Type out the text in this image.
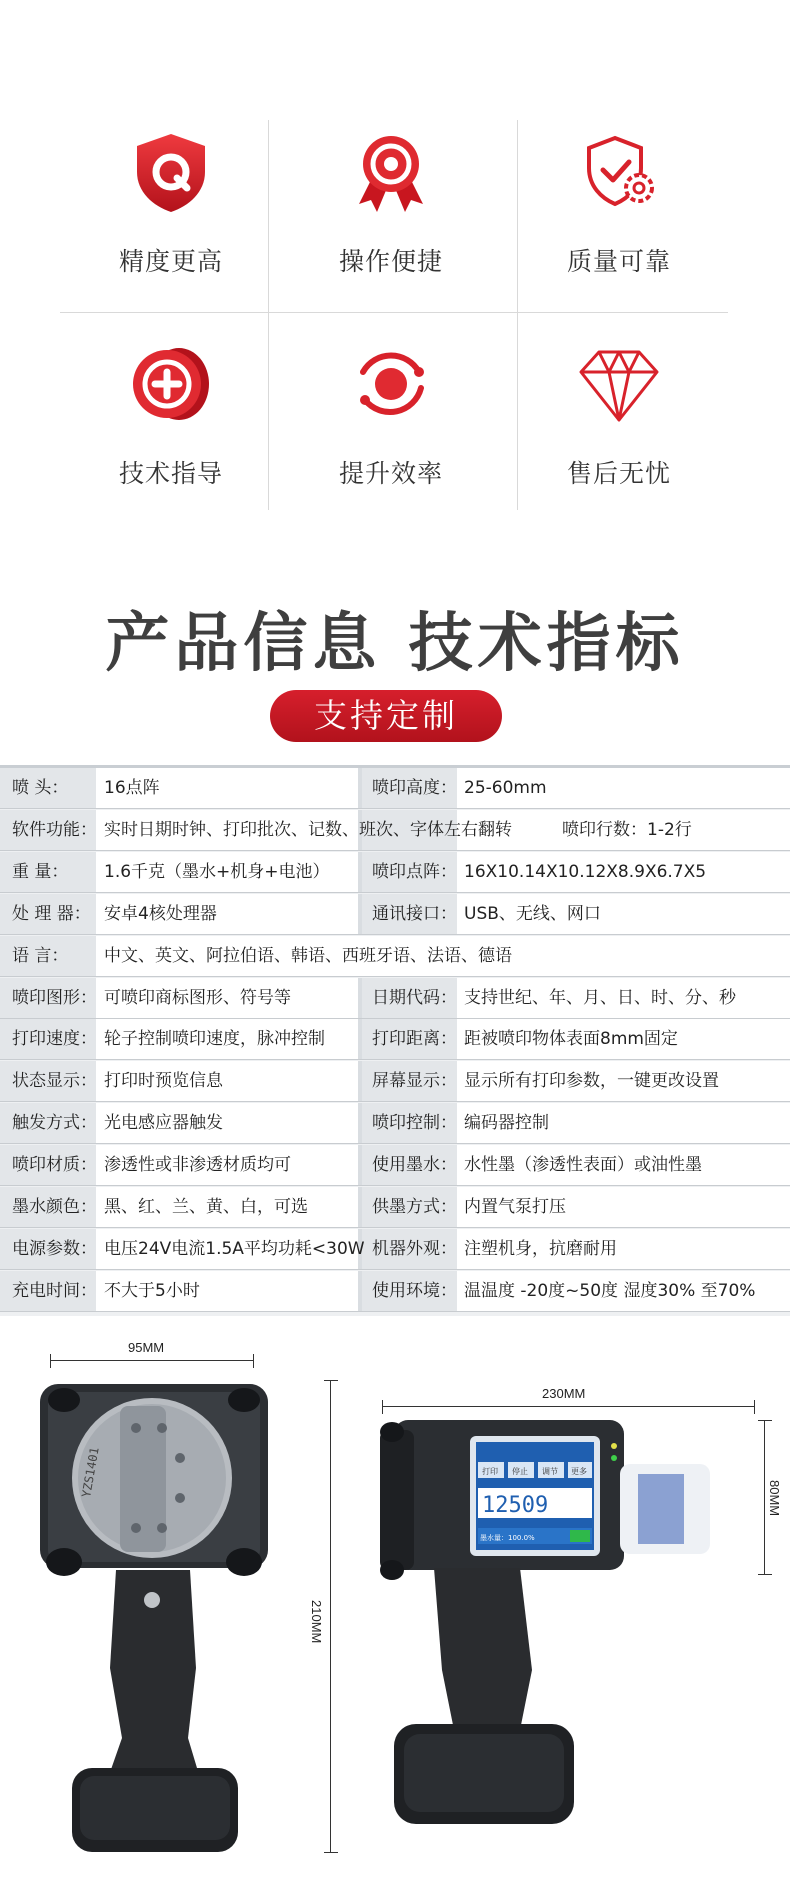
精度更高	操作便捷	质量可靠
技术指导	提升效率	售后无忧
产品信息 技术指标
支持定制
喷 头： 16点阵	喷印高度： 25-60mm
软件功能： 实时日期时钟、打印批次、记数、班次、字体左右翻转	喷印行数：1-2行
重 量： 1.6千克（墨水+机身+电池） 喷印点阵： 16X10.14X10.12X8.9X6.7X5
处 理 器： 安卓4核处理器	通讯接口： USB、无线、网口
语 言： 中文、英文、阿拉伯语、韩语、西班牙语、法语、德语
喷印图形： 可喷印商标图形、符号等	日期代码： 支持世纪、年、月、日、时、分、秒
打印速度： 轮子控制喷印速度，脉冲控制	打印距离： 距被喷印物体表面8mm固定
状态显示： 打印时预览信息	屏幕显示： 显示所有打印参数，一键更改设置
触发方式： 光电感应器触发	喷印控制： 编码器控制
喷印材质： 渗透性或非渗透材质均可	使用墨水： 水性墨（渗透性表面）或油性墨
墨水颜色： 黑、红、兰、黄、白，可选	供墨方式： 内置气泵打压
电源参数： 电压24V电流1.5A平均功耗<30W 机器外观： 注塑机身，抗磨耐用
充电时间： 不大于5小时	使用环境： 温温度 -20度~50度 湿度30% 至70%
95MM
210MM
YZS1401
230MM
80MM
打印 停止 调节 更多
12509
墨水量：100.0%
